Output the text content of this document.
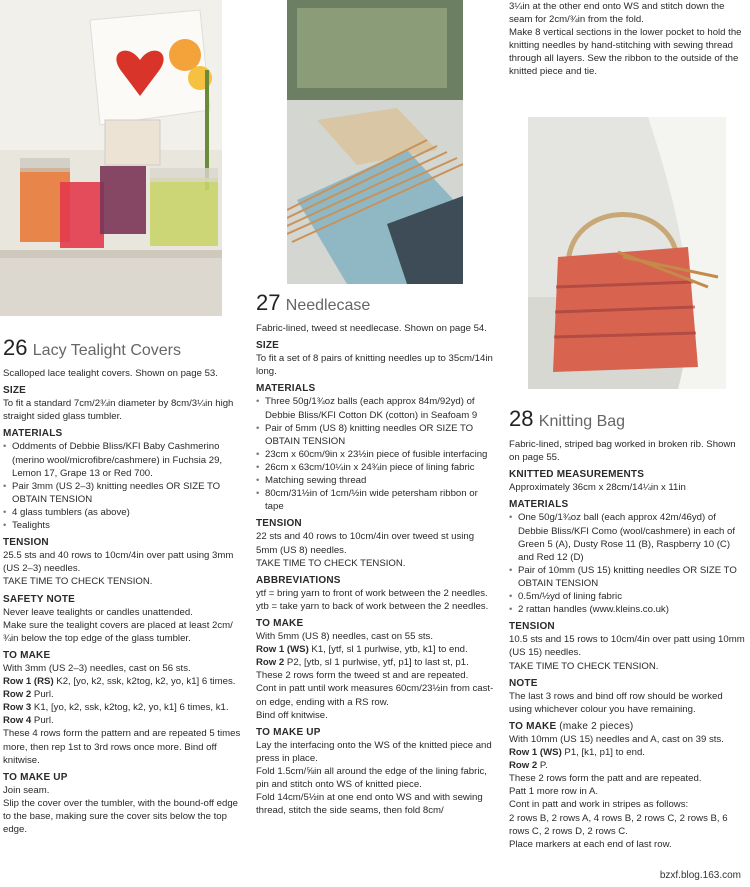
26 Lacy Tealight Covers

Scalloped lace tealight covers. Shown on page 53.

SIZE

To fit a standard 7cm/2¾in diameter by 8cm/3¼in high straight sided glass tumbler.

MATERIALS
• Oddments of Debbie Bliss/KFI Baby Cashmerino (merino wool/microfibre/cashmere) in Fuchsia 29, Lemon 17, Grape 13 or Red 700.
• Pair 3mm (US 2–3) knitting needles OR SIZE TO OBTAIN TENSION
• 4 glass tumblers (as above)
• Tealights
TENSION

25.5 sts and 40 rows to 10cm/4in over patt using 3mm (US 2–3) needles.

TAKE TIME TO CHECK TENSION.

SAFETY NOTE

Never leave tealights or candles unattended.

Make sure the tealight covers are placed at least 2cm/¾in below the top edge of the glass tumbler.

TO MAKE

With 3mm (US 2–3) needles, cast on 56 sts.

Row 1 (RS) K2, [yo, k2, ssk, k2tog, k2, yo, k1] 6 times.

Row 2 Purl.

Row 3 K1, [yo, k2, ssk, k2tog, k2, yo, k1] 6 times, k1.

Row 4 Purl.

These 4 rows form the pattern and are repeated 5 times more, then rep 1st to 3rd rows once more. Bind off knitwise.

TO MAKE UP

Join seam.

Slip the cover over the tumbler, with the bound-off edge to the base, making sure the cover sits below the top edge.

27 Needlecase

Fabric-lined, tweed st needlecase. Shown on page 54.

SIZE

To fit a set of 8 pairs of knitting needles up to 35cm/14in long.

MATERIALS
• Three 50g/1¾oz balls (each approx 84m/92yd) of Debbie Bliss/KFI Cotton DK (cotton) in Seafoam 9
• Pair of 5mm (US 8) knitting needles OR SIZE TO OBTAIN TENSION
• 23cm x 60cm/9in x 23½in piece of fusible interfacing
• 26cm x 63cm/10¼in x 24¾in piece of lining fabric
• Matching sewing thread
• 80cm/31½in of 1cm/½in wide petersham ribbon or tape
TENSION

22 sts and 40 rows to 10cm/4in over tweed st using 5mm (US 8) needles.

TAKE TIME TO CHECK TENSION.

ABBREVIATIONS

ytf = bring yarn to front of work between the 2 needles.

ytb = take yarn to back of work between the 2 needles.

TO MAKE

With 5mm (US 8) needles, cast on 55 sts.

Row 1 (WS) K1, [ytf, sl 1 purlwise, ytb, k1] to end.

Row 2 P2, [ytb, sl 1 purlwise, ytf, p1] to last st, p1.

These 2 rows form the tweed st and are repeated.

Cont in patt until work measures 60cm/23½in from cast-on edge, ending with a RS row.

Bind off knitwise.

TO MAKE UP

Lay the interfacing onto the WS of the knitted piece and press in place.

Fold 1.5cm/⅝in all around the edge of the lining fabric, pin and stitch onto WS of knitted piece.

Fold 14cm/5½in at one end onto WS and with sewing thread, stitch the side seams, then fold 8cm/

3¼in at the other end onto WS and stitch down the seam for 2cm/¾in from the fold.

Make 8 vertical sections in the lower pocket to hold the knitting needles by hand-stitching with sewing thread through all layers. Sew the ribbon to the outside of the knitted piece and tie.

28 Knitting Bag

Fabric-lined, striped bag worked in broken rib. Shown on page 55.

KNITTED MEASUREMENTS

Approximately 36cm x 28cm/14¼in x 11in

MATERIALS
• One 50g/1¾oz ball (each approx 42m/46yd) of Debbie Bliss/KFI Como (wool/cashmere) in each of Green 5 (A), Dusty Rose 11 (B), Raspberry 10 (C) and Red 12 (D)
• Pair of 10mm (US 15) knitting needles OR SIZE TO OBTAIN TENSION
• 0.5m/½yd of lining fabric
• 2 rattan handles (www.kleins.co.uk)
TENSION

10.5 sts and 15 rows to 10cm/4in over patt using 10mm (US 15) needles.

TAKE TIME TO CHECK TENSION.

NOTE

The last 3 rows and bind off row should be worked using whichever colour you have remaining.

TO MAKE (make 2 pieces)

With 10mm (US 15) needles and A, cast on 39 sts.

Row 1 (WS) P1, [k1, p1] to end.

Row 2 P.

These 2 rows form the patt and are repeated.

Patt 1 more row in A.

Cont in patt and work in stripes as follows:

2 rows B, 2 rows A, 4 rows B, 2 rows C, 2 rows B, 6 rows C, 2 rows D, 2 rows C.

Place markers at each end of last row.

bzxf.blog.163.com
